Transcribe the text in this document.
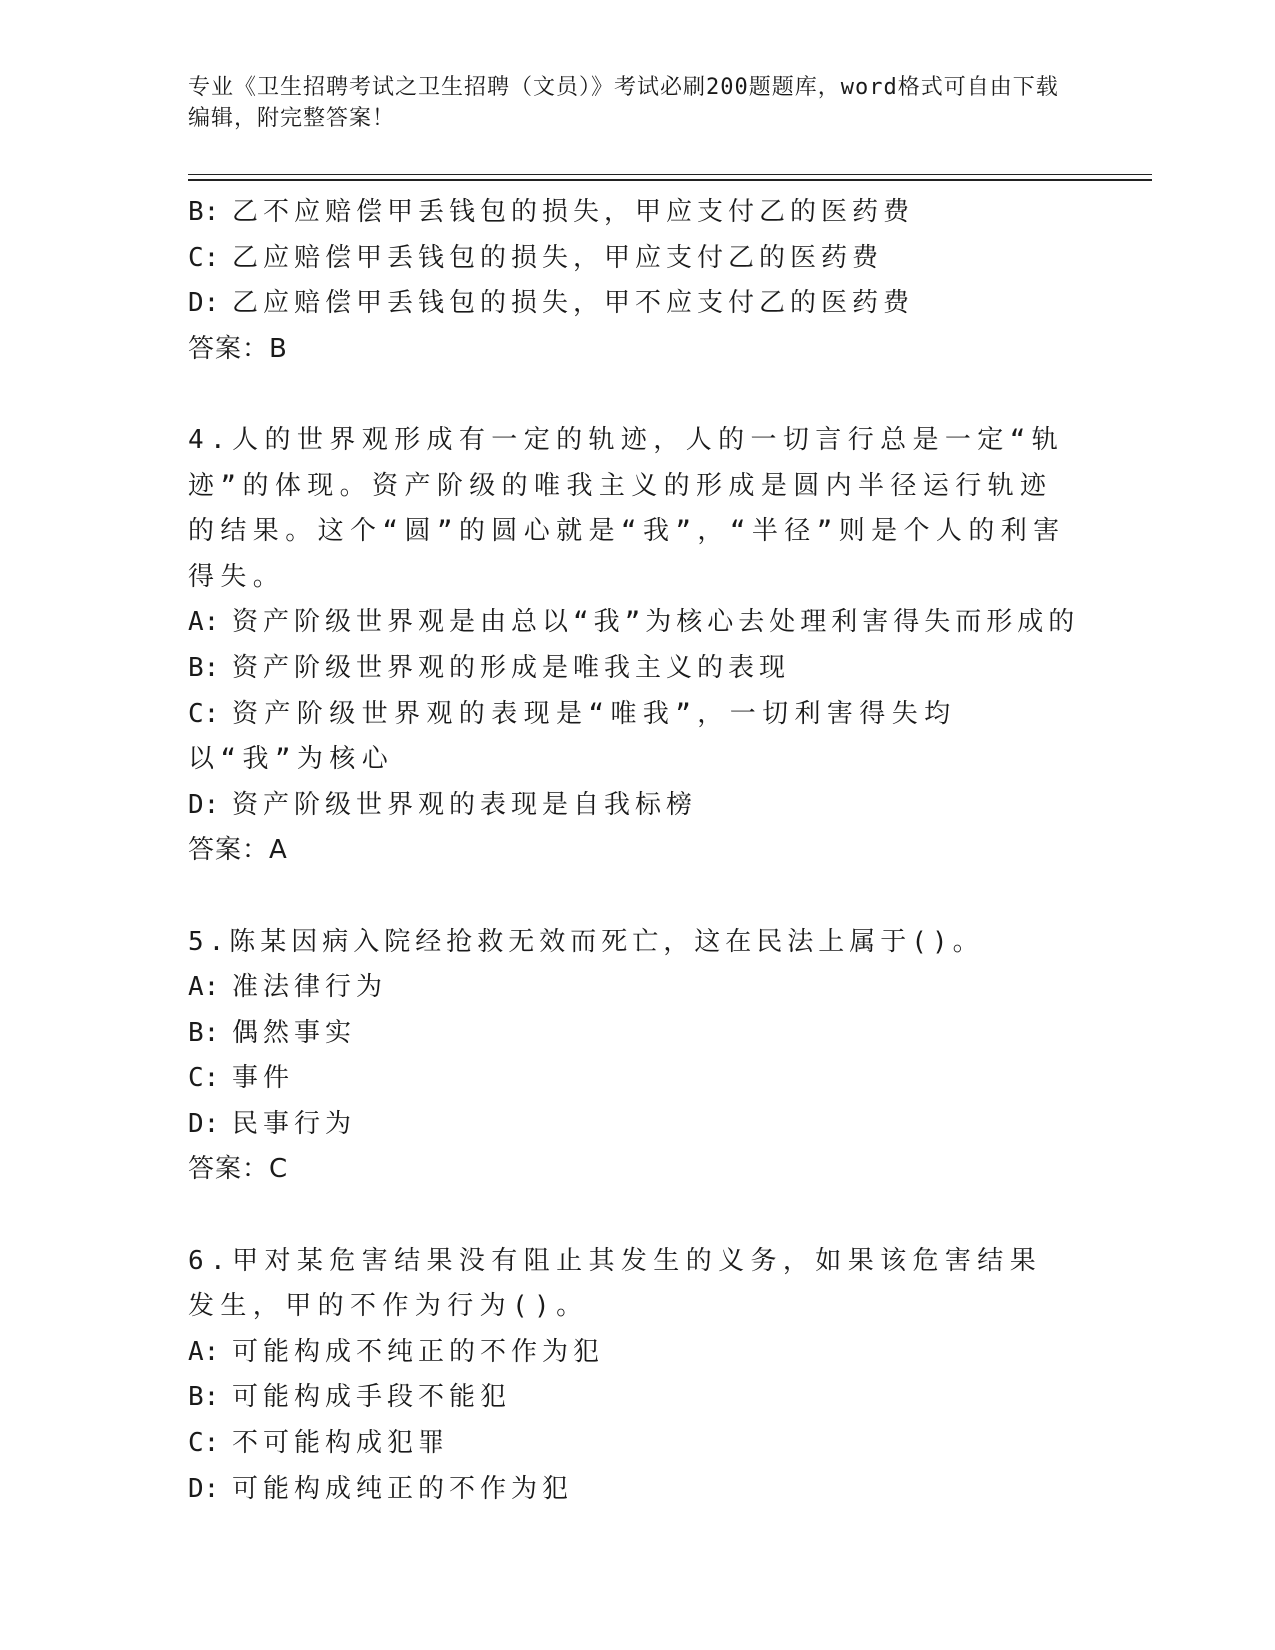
专业《卫生招聘考试之卫生招聘（文员）》考试必刷200题题库，word格式可自由下载编辑，附完整答案！
B: 乙不应赔偿甲丢钱包的损失，甲应支付乙的医药费
C: 乙应赔偿甲丢钱包的损失，甲应支付乙的医药费
D: 乙应赔偿甲丢钱包的损失，甲不应支付乙的医药费
答案：B
4.人的世界观形成有一定的轨迹，人的一切言行总是一定“轨迹”的体现。资产阶级的唯我主义的形成是圆内半径运行轨迹的结果。这个“圆”的圆心就是“我”，“半径”则是个人的利害得失。
A: 资产阶级世界观是由总以“我”为核心去处理利害得失而形成的
B: 资产阶级世界观的形成是唯我主义的表现
C: 资产阶级世界观的表现是“唯我”，一切利害得失均以“我”为核心
D: 资产阶级世界观的表现是自我标榜
答案：A
5.陈某因病入院经抢救无效而死亡，这在民法上属于()。
A: 准法律行为
B: 偶然事实
C: 事件
D: 民事行为
答案：C
6.甲对某危害结果没有阻止其发生的义务，如果该危害结果发生，甲的不作为行为()。
A: 可能构成不纯正的不作为犯
B: 可能构成手段不能犯
C: 不可能构成犯罪
D: 可能构成纯正的不作为犯
